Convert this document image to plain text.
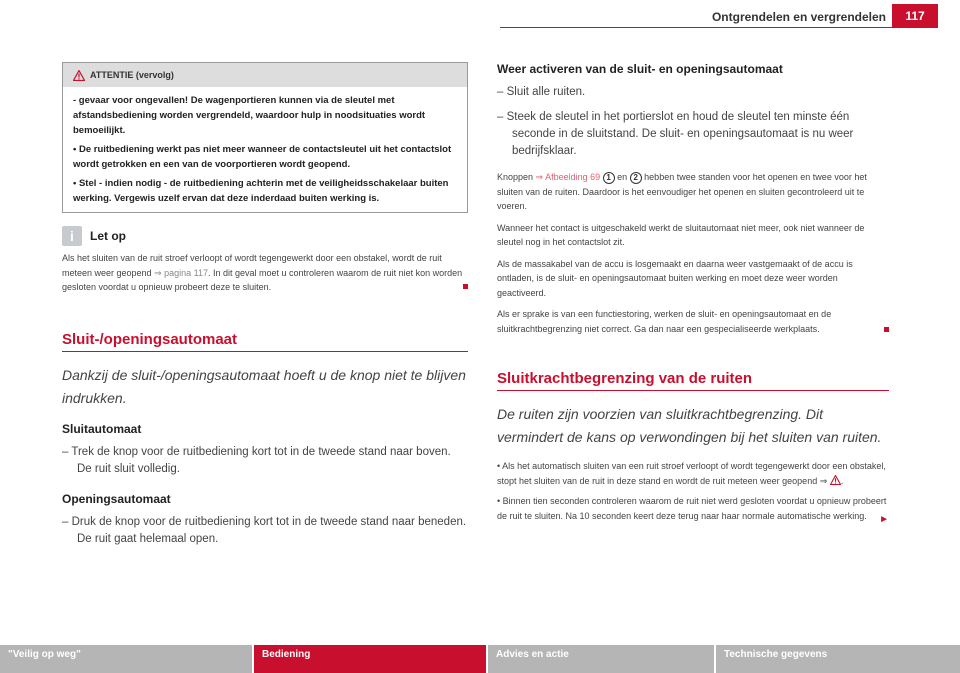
Ontgrendelen en vergrendelen	117
ATTENTIE (vervolg)

- gevaar voor ongevallen! De wagenportieren kunnen via de sleutel met afstandsbediening worden vergrendeld, waardoor hulp in noodsituaties wordt bemoeilijkt.

• De ruitbediening werkt pas niet meer wanneer de contactsleutel uit het contactslot wordt getrokken en een van de voorportieren wordt geopend.

• Stel - indien nodig - de ruitbediening achterin met de veiligheidsschakelaar buiten werking. Vergewis uzelf ervan dat deze inderdaad buiten werking is.

i	Let op

Als het sluiten van de ruit stroef verloopt of wordt tegengewerkt door een obstakel, wordt de ruit meteen weer geopend ⇒ pagina 117. In dit geval moet u controleren waarom de ruit niet kon worden gesloten voordat u opnieuw probeert deze te sluiten.

Sluit-/openingsautomaat

Dankzij de sluit-/openingsautomaat hoeft u de knop niet te blijven indrukken.

Sluitautomaat

– Trek de knop voor de ruitbediening kort tot in de tweede stand naar boven. De ruit sluit volledig.

Openingsautomaat

– Druk de knop voor de ruitbediening kort tot in de tweede stand naar beneden. De ruit gaat helemaal open.

Weer activeren van de sluit- en openingsautomaat

– Sluit alle ruiten.

– Steek de sleutel in het portierslot en houd de sleutel ten minste één seconde in de sluitstand. De sluit- en openingsautomaat is nu weer bedrijfsklaar.

Knoppen ⇒ Afbeelding 69 1 en 2 hebben twee standen voor het openen en twee voor het sluiten van de ruiten. Daardoor is het eenvoudiger het openen en sluiten gecontroleerd uit te voeren.

Wanneer het contact is uitgeschakeld werkt de sluitautomaat niet meer, ook niet wanneer de sleutel nog in het contactslot zit.

Als de massakabel van de accu is losgemaakt en daarna weer vastgemaakt of de accu is ontladen, is de sluit- en openingsautomaat buiten werking en moet deze weer worden geactiveerd.

Als er sprake is van een functiestoring, werken de sluit- en openingsautomaat en de sluitkrachtbegrenzing niet correct. Ga dan naar een gespecialiseerde werkplaats.

Sluitkrachtbegrenzing van de ruiten

De ruiten zijn voorzien van sluitkrachtbegrenzing. Dit vermindert de kans op verwondingen bij het sluiten van ruiten.

• Als het automatisch sluiten van een ruit stroef verloopt of wordt tegengewerkt door een obstakel, stopt het sluiten van de ruit in deze stand en wordt de ruit meteen weer geopend ⇒ .

• Binnen tien seconden controleren waarom de ruit niet werd gesloten voordat u opnieuw probeert de ruit te sluiten. Na 10 seconden keert deze terug naar haar normale automatische werking. ►

"Veilig op weg"	Bediening	Advies en actie	Technische gegevens
